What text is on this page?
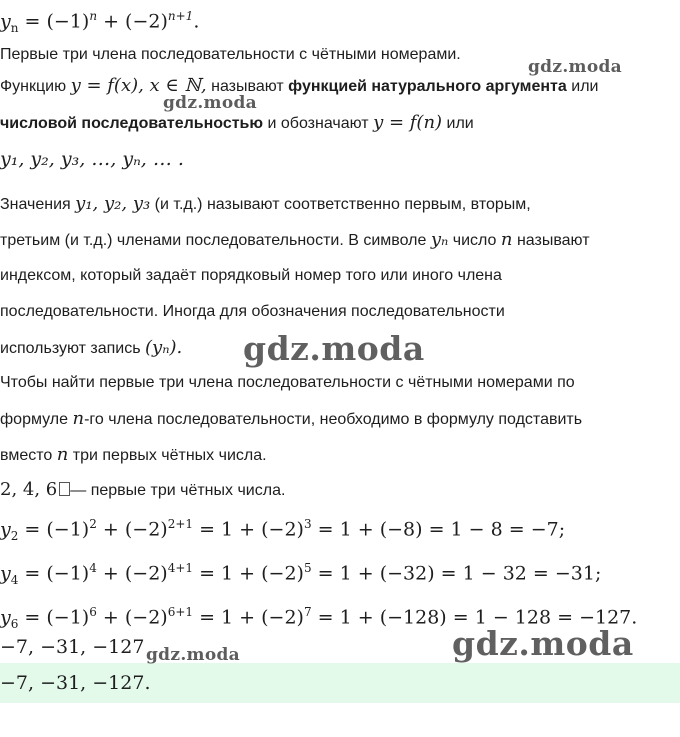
$y_n = (-1)^n + (-2)^{n+1}$.
Первые три члена последовательности с чётными номерами.
Функцию y = f(x), x ∈ ℕ, называют функцией натурального аргумента или
числовой последовательностью и обозначают y = f(n) или
y₁, y₂, y₃, …, yₙ, … .
Значения y₁, y₂, y₃ (и т.д.) называют соответственно первым, вторым,
третьим (и т.д.) членами последовательности. В символе yₙ число n называют
индексом, который задаёт порядковый номер того или иного члена
последовательности. Иногда для обозначения последовательности
используют запись (yₙ).
Чтобы найти первые три члена последовательности с чётными номерами по
формуле n-го члена последовательности, необходимо в формулу подставить
вместо n три первых чётных числа.
2, 4, 6 — первые три чётных числа.
$y_2 = (-1)^2 + (-2)^{2+1} = 1 + (-2)^3 = 1 + (-8) = 1 - 8 = -7$;
$y_4 = (-1)^4 + (-2)^{4+1} = 1 + (-2)^5 = 1 + (-32) = 1 - 32 = -31$;
$y_6 = (-1)^6 + (-2)^{6+1} = 1 + (-2)^7 = 1 + (-128) = 1 - 128 = -127$.
−7, −31, −127
−7, −31, −127.
gdz.moda
gdz.moda
gdz.moda
gdz.moda
gdz.moda
